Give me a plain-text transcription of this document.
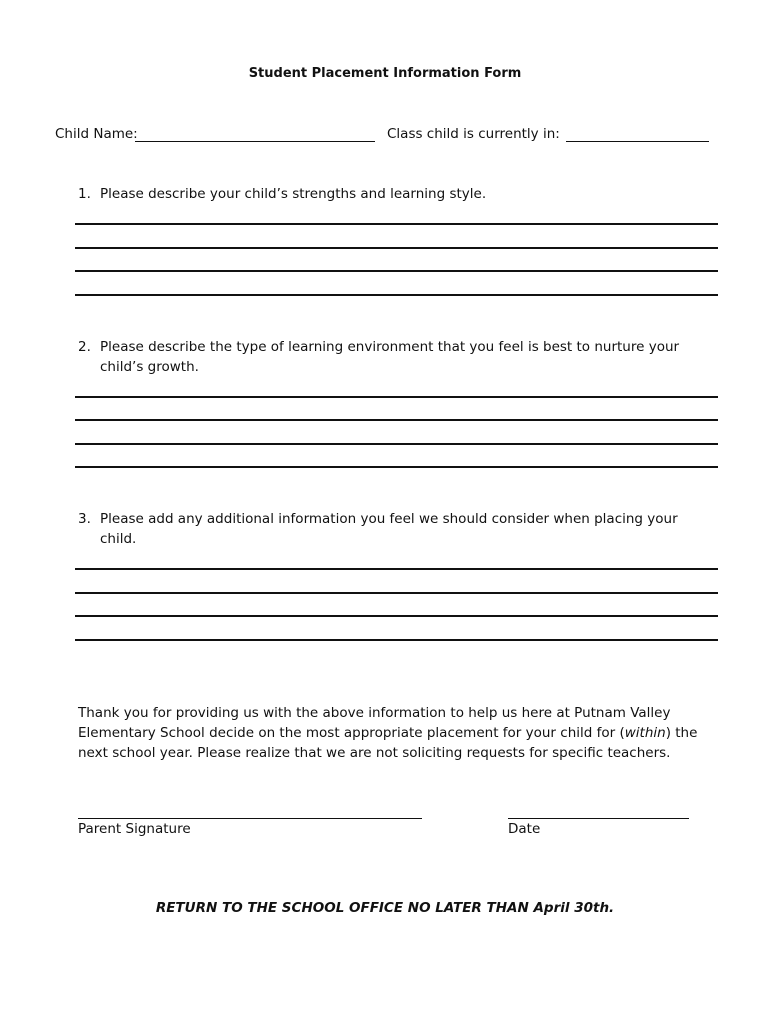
Student Placement Information Form
Child Name:	Class child is currently in:
1. Please describe your child’s strengths and learning style.
2. Please describe the type of learning environment that you feel is best to nurture your child’s growth.
3. Please add any additional information you feel we should consider when placing your child.
Thank you for providing us with the above information to help us here at Putnam Valley Elementary School decide on the most appropriate placement for your child for (within) the next school year. Please realize that we are not soliciting requests for specific teachers.
Parent Signature	Date
RETURN TO THE SCHOOL OFFICE NO LATER THAN April 30th.
